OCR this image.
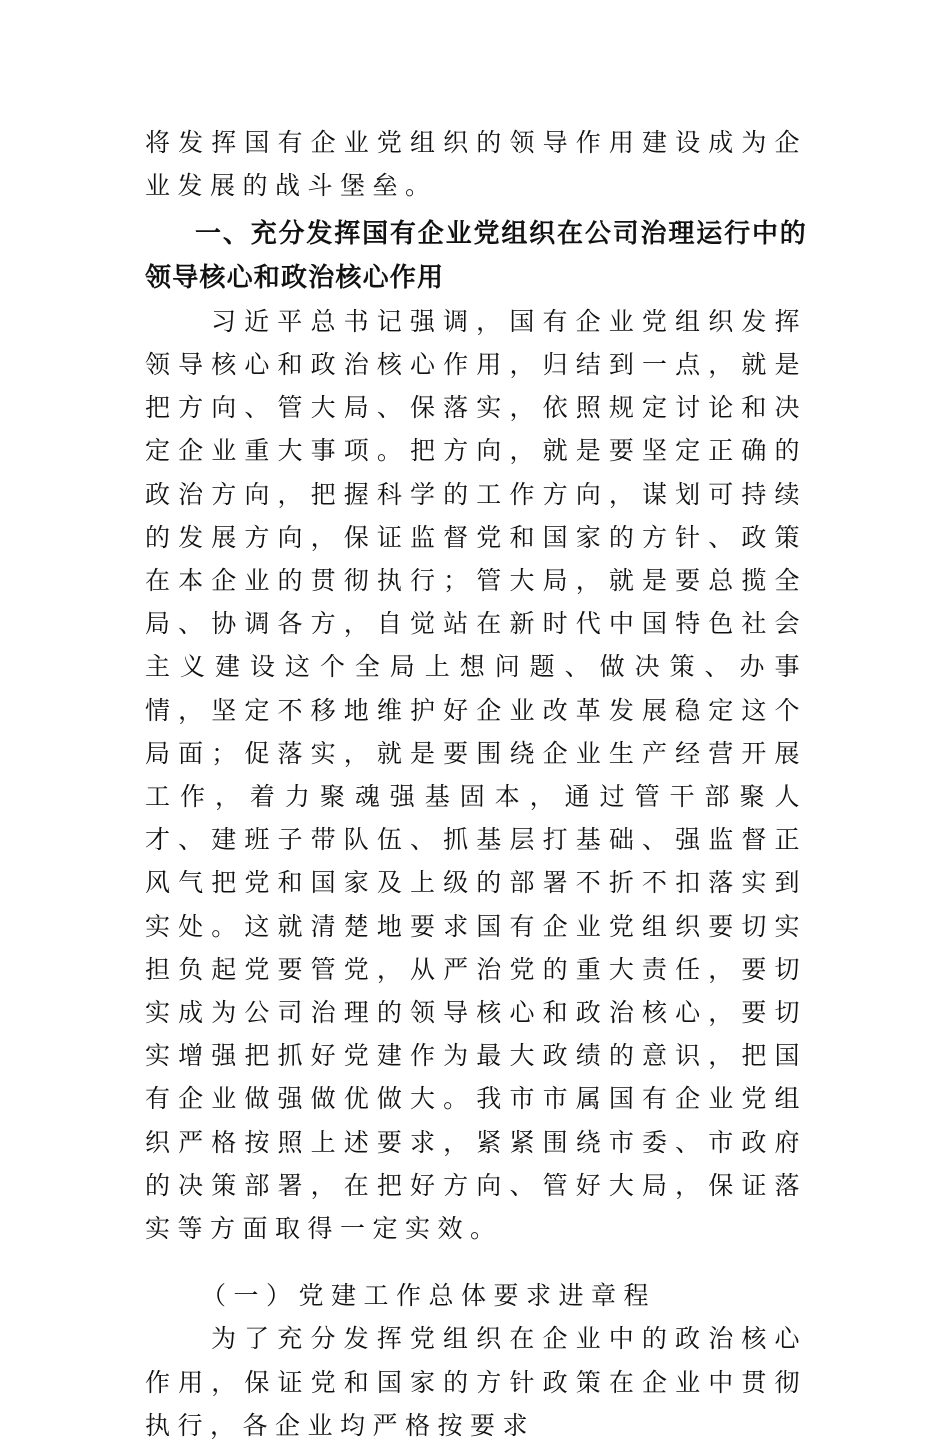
将发挥国有企业党组织的领导作用建设成为企业发展的战斗堡垒。

一、充分发挥国有企业党组织在公司治理运行中的领导核心和政治核心作用

习近平总书记强调，国有企业党组织发挥领导核心和政治核心作用，归结到一点，就是把方向、管大局、保落实，依照规定讨论和决定企业重大事项。把方向，就是要坚定正确的政治方向，把握科学的工作方向，谋划可持续的发展方向，保证监督党和国家的方针、政策在本企业的贯彻执行；管大局，就是要总揽全局、协调各方，自觉站在新时代中国特色社会主义建设这个全局上想问题、做决策、办事情，坚定不移地维护好企业改革发展稳定这个局面；促落实，就是要围绕企业生产经营开展工作，着力聚魂强基固本，通过管干部聚人才、建班子带队伍、抓基层打基础、强监督正风气把党和国家及上级的部署不折不扣落实到实处。这就清楚地要求国有企业党组织要切实担负起党要管党，从严治党的重大责任，要切实成为公司治理的领导核心和政治核心，要切实增强把抓好党建作为最大政绩的意识，把国有企业做强做优做大。我市市属国有企业党组织严格按照上述要求，紧紧围绕市委、市政府的决策部署，在把好方向、管好大局，保证落实等方面取得一定实效。

（一）党建工作总体要求进章程

为了充分发挥党组织在企业中的政治核心作用，保证党和国家的方针政策在企业中贯彻执行，各企业均严格按要求
